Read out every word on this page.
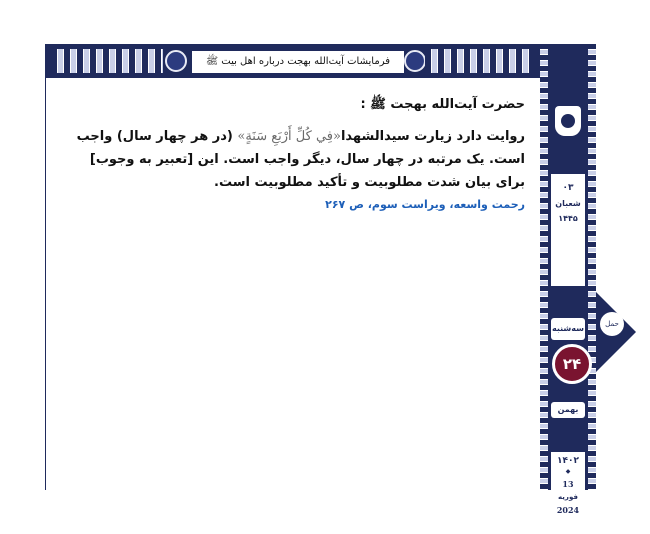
فرمایشات آیت‌الله بهجت درباره اهل بیت ﷺ
۰۳
شعبان
۱۴۴۵
سه‌شنبه
۲۴
بهمن
۱۴۰۲
◆
13
فوریه
2024
حمل

حضرت آیت‌الله بهجت ﷺ :

روایت دارد زیارت سیدالشهدا«فِي كُلِّ أَرْبَعِ سَنَةٍ» (در هر چهار سال) واجب است. یک مرتبه در چهار سال، دیگر واجب است. این [تعبیر به وجوب] برای بیان شدت مطلوبیت و تأکید مطلوبیت است.

رحمت واسعه، ویراست سوم، ص ۲۶۷
